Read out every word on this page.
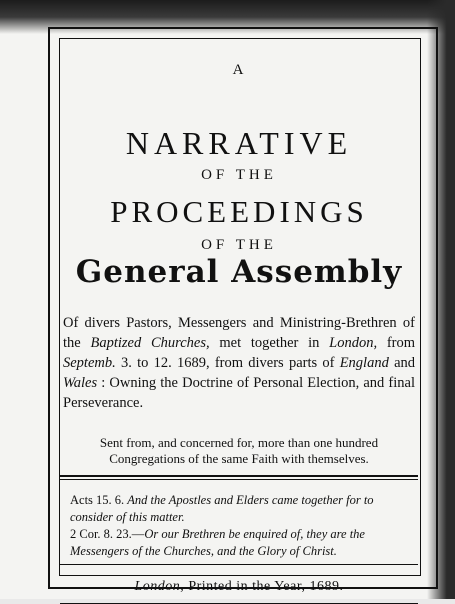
A
NARRATIVE
OF THE
PROCEEDINGS
OF THE
General Assembly
Of divers Pastors, Messengers and Ministring-Brethren of the Baptized Churches, met together in London, from Septemb. 3. to 12. 1689, from divers parts of England and Wales : Owning the Doctrine of Personal Election, and final Perseverance.
Sent from, and concerned for, more than one hundred Congregations of the same Faith with themselves.

Acts 15. 6. And the Apostles and Elders came together for to consider of this matter.

2 Cor. 8. 23.—Or our Brethren be enquired of, they are the Messengers of the Churches, and the Glory of Christ.

London, Printed in the Year, 1689.
